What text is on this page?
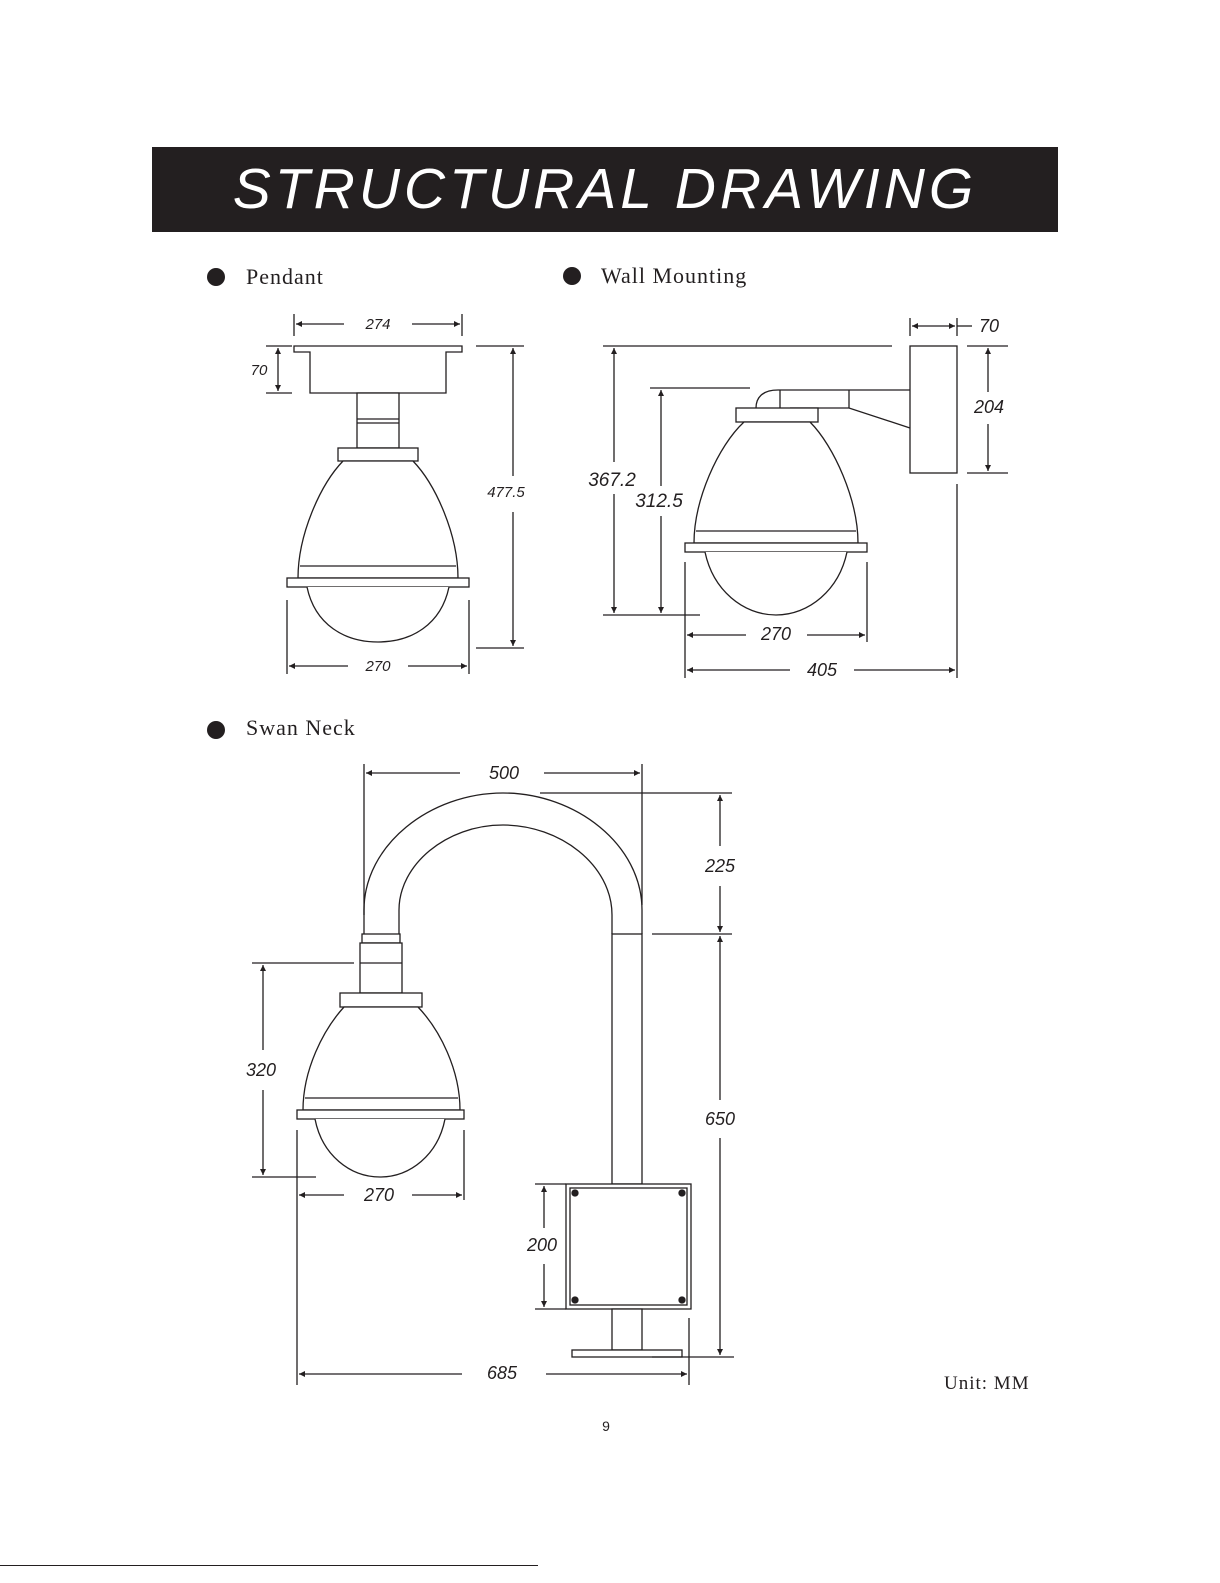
STRUCTURAL DRAWING
Pendant	Wall Mounting
Swan Neck
274
70
477.5
270
70
204
367.2
312.5
270
405
500
225
650
320
270
200
685	Unit: MM
9
